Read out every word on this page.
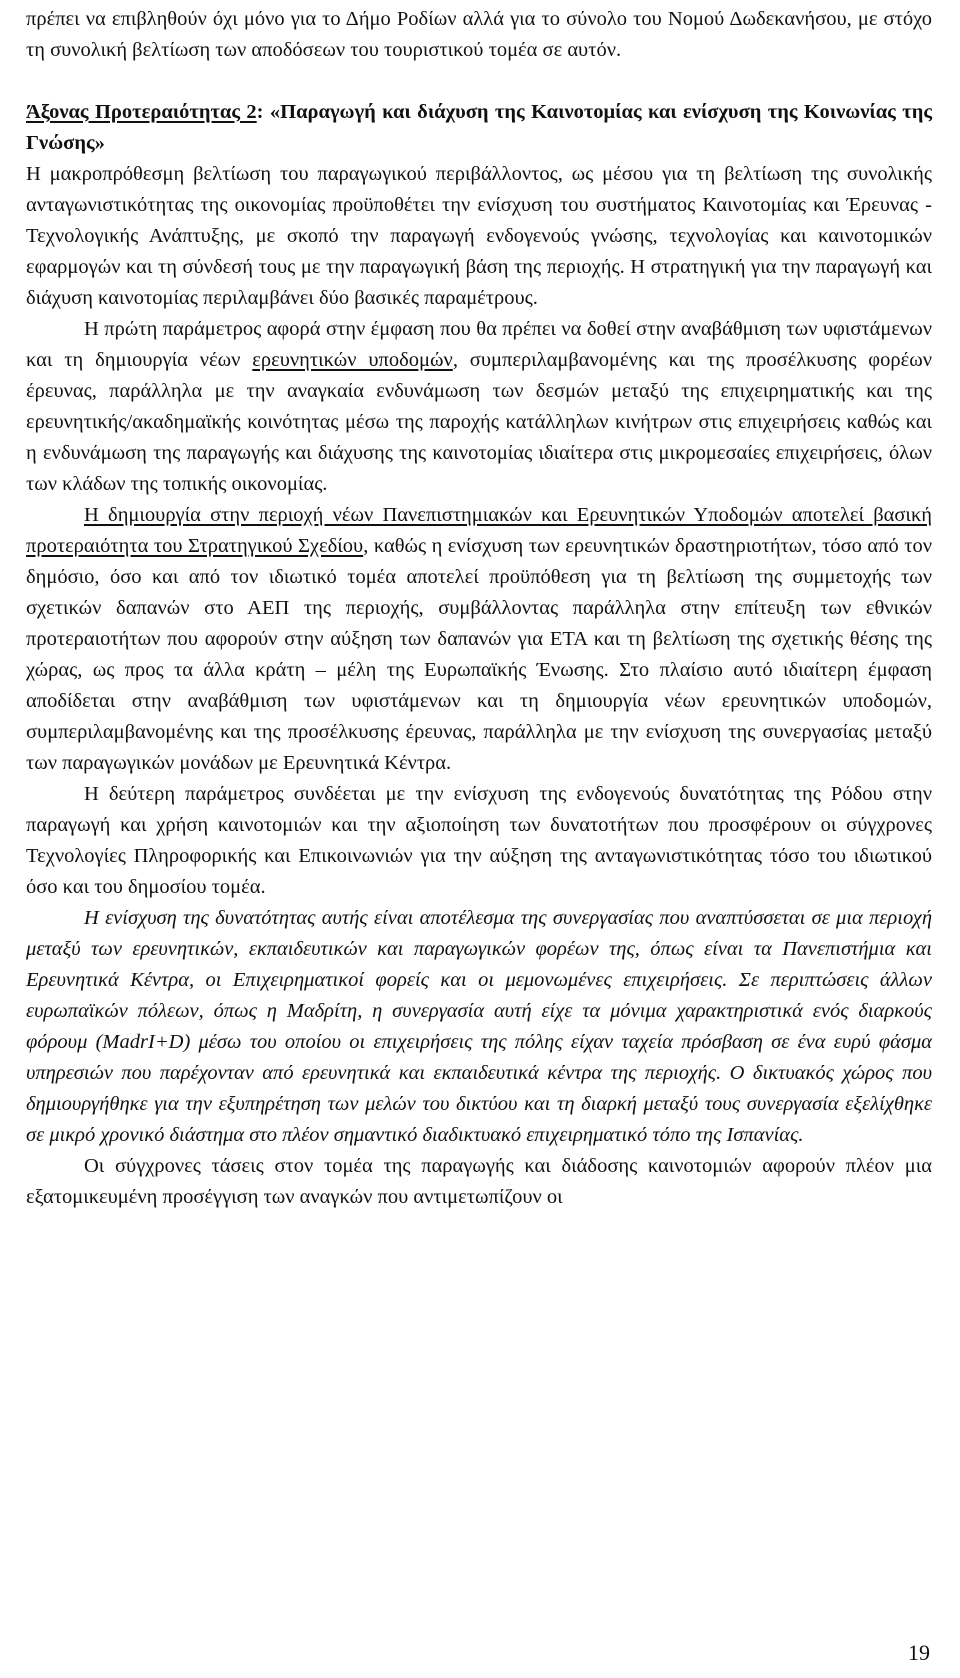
πρέπει να επιβληθούν όχι μόνο για το Δήμο Ροδίων αλλά για το σύνολο του Νομού Δωδεκανήσου, με στόχο τη συνολική βελτίωση των αποδόσεων του τουριστικού τομέα σε αυτόν.

Άξονας Προτεραιότητας 2: «Παραγωγή και διάχυση της Καινοτομίας και ενίσχυση της Κοινωνίας της Γνώσης»

Η μακροπρόθεσμη βελτίωση του παραγωγικού περιβάλλοντος, ως μέσου για τη βελτίωση της συνολικής ανταγωνιστικότητας της οικονομίας προϋποθέτει την ενίσχυση του συστήματος Καινοτομίας και Έρευνας - Τεχνολογικής Ανάπτυξης, με σκοπό την παραγωγή ενδογενούς γνώσης, τεχνολογίας και καινοτομικών εφαρμογών και τη σύνδεσή τους με την παραγωγική βάση της περιοχής. Η στρατηγική για την παραγωγή και διάχυση καινοτομίας περιλαμβάνει δύο βασικές παραμέτρους.

Η πρώτη παράμετρος αφορά στην έμφαση που θα πρέπει να δοθεί στην αναβάθμιση των υφιστάμενων και τη δημιουργία νέων ερευνητικών υποδομών, συμπεριλαμβανομένης και της προσέλκυσης φορέων έρευνας, παράλληλα με την αναγκαία ενδυνάμωση των δεσμών μεταξύ της επιχειρηματικής και της ερευνητικής/ακαδημαϊκής κοινότητας μέσω της παροχής κατάλληλων κινήτρων στις επιχειρήσεις καθώς και η ενδυνάμωση της παραγωγής και διάχυσης της καινοτομίας ιδιαίτερα στις μικρομεσαίες επιχειρήσεις, όλων των κλάδων της τοπικής οικονομίας.

Η δημιουργία στην περιοχή νέων Πανεπιστημιακών και Ερευνητικών Υποδομών αποτελεί βασική προτεραιότητα του Στρατηγικού Σχεδίου, καθώς η ενίσχυση των ερευνητικών δραστηριοτήτων, τόσο από τον δημόσιο, όσο και από τον ιδιωτικό τομέα αποτελεί προϋπόθεση για τη βελτίωση της συμμετοχής των σχετικών δαπανών στο ΑΕΠ της περιοχής, συμβάλλοντας παράλληλα στην επίτευξη των εθνικών προτεραιοτήτων που αφορούν στην αύξηση των δαπανών για ΕΤΑ και τη βελτίωση της σχετικής θέσης της χώρας, ως προς τα άλλα κράτη – μέλη της Ευρωπαϊκής Ένωσης. Στο πλαίσιο αυτό ιδιαίτερη έμφαση αποδίδεται στην αναβάθμιση των υφιστάμενων και τη δημιουργία νέων ερευνητικών υποδομών, συμπεριλαμβανομένης και της προσέλκυσης έρευνας, παράλληλα με την ενίσχυση της συνεργασίας μεταξύ των παραγωγικών μονάδων με Ερευνητικά Κέντρα.

Η δεύτερη παράμετρος συνδέεται με την ενίσχυση της ενδογενούς δυνατότητας της Ρόδου στην παραγωγή και χρήση καινοτομιών και την αξιοποίηση των δυνατοτήτων που προσφέρουν οι σύγχρονες Τεχνολογίες Πληροφορικής και Επικοινωνιών για την αύξηση της ανταγωνιστικότητας τόσο του ιδιωτικού όσο και του δημοσίου τομέα.

Η ενίσχυση της δυνατότητας αυτής είναι αποτέλεσμα της συνεργασίας που αναπτύσσεται σε μια περιοχή μεταξύ των ερευνητικών, εκπαιδευτικών και παραγωγικών φορέων της, όπως είναι τα Πανεπιστήμια και Ερευνητικά Κέντρα, οι Επιχειρηματικοί φορείς και οι μεμονωμένες επιχειρήσεις. Σε περιπτώσεις άλλων ευρωπαϊκών πόλεων, όπως η Μαδρίτη, η συνεργασία αυτή είχε τα μόνιμα χαρακτηριστικά ενός διαρκούς φόρουμ (MadrI+D) μέσω του οποίου οι επιχειρήσεις της πόλης είχαν ταχεία πρόσβαση σε ένα ευρύ φάσμα υπηρεσιών που παρέχονταν από ερευνητικά και εκπαιδευτικά κέντρα της περιοχής. Ο δικτυακός χώρος που δημιουργήθηκε για την εξυπηρέτηση των μελών του δικτύου και τη διαρκή μεταξύ τους συνεργασία εξελίχθηκε σε μικρό χρονικό διάστημα στο πλέον σημαντικό διαδικτυακό επιχειρηματικό τόπο της Ισπανίας.

Οι σύγχρονες τάσεις στον τομέα της παραγωγής και διάδοσης καινοτομιών αφορούν πλέον μια εξατομικευμένη προσέγγιση των αναγκών που αντιμετωπίζουν οι

19
